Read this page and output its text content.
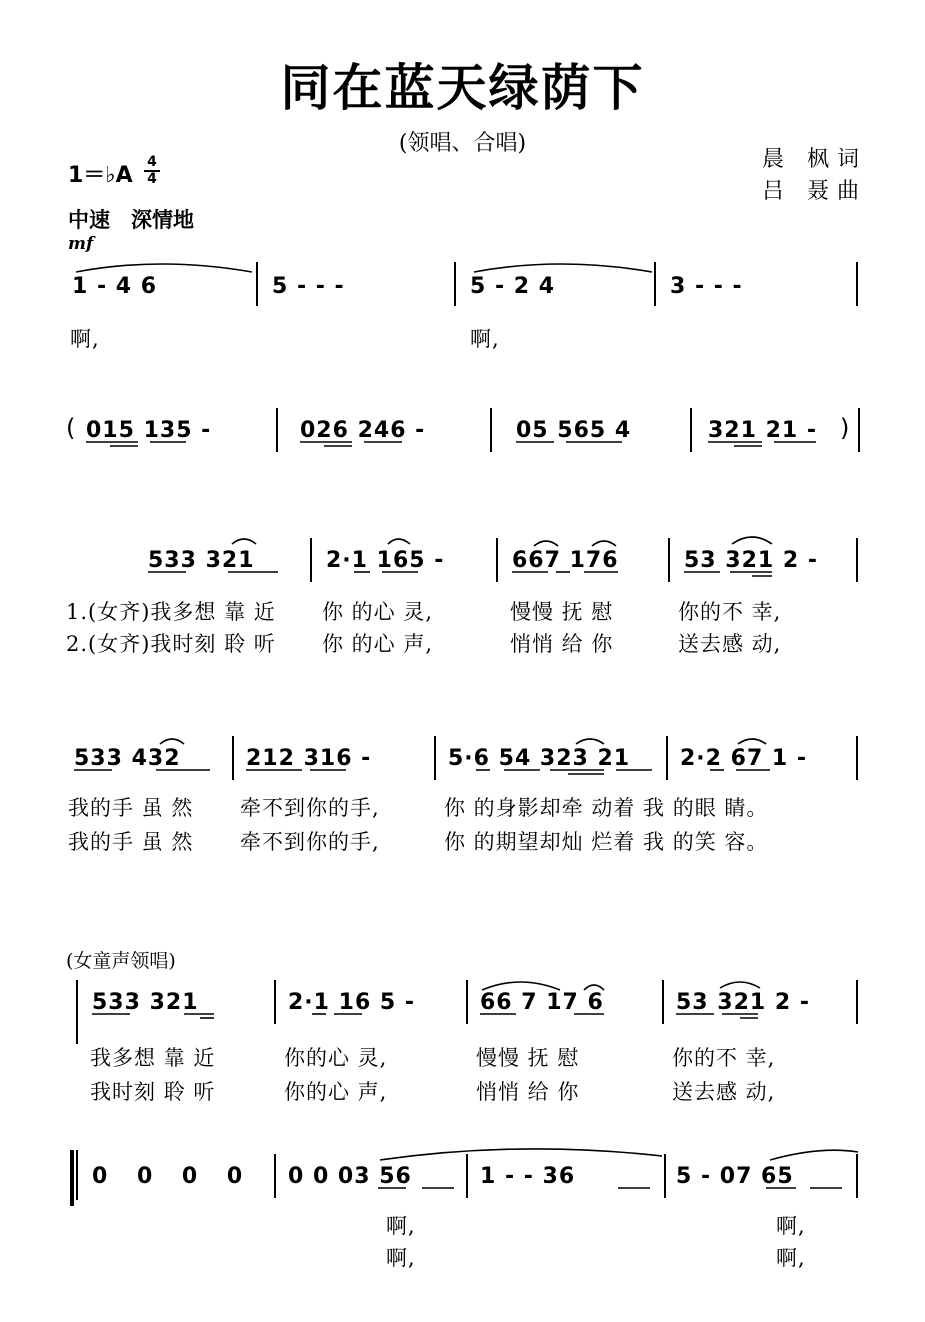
同在蓝天绿荫下
(领唱、合唱)
晨 枫词
吕 聂曲
1＝♭A
4
4
中速　深情地
mf
1 - 4 6	5 - - -	5 - 2 4	3 - - -
啊,	啊,
( 015 135 -	026 246 -	05 565 4	321 21 - )
533 321	2·1 165 -	667 176	53 321 2 -
1.(女齐)我多想 靠 近 你 的心 灵,	慢慢 抚 慰	你的不 幸,
2.(女齐)我时刻 聆 听 你 的心 声,	悄悄 给 你	送去感 动,
533 432	212 316 -	5·6 54 323 21 2·2 67 1 -
我的手 虽 然 牵不到你的手,	你 的身影却牵 动着 我 的眼 睛。
我的手 虽 然 牵不到你的手,	你 的期望却灿 烂着 我 的笑 容。
(女童声领唱)
533 321	2·1 16 5 -	66 7 17 6	53 321 2 -
我多想 靠 近	你的心 灵,	慢慢 抚 慰	你的不 幸,
我时刻 聆 听	你的心 声,	悄悄 给 你	送去感 动,
0 0 0 0 0 0 03 56	1 - - 36	5 - 07 65
啊,	啊,
啊,	啊,
